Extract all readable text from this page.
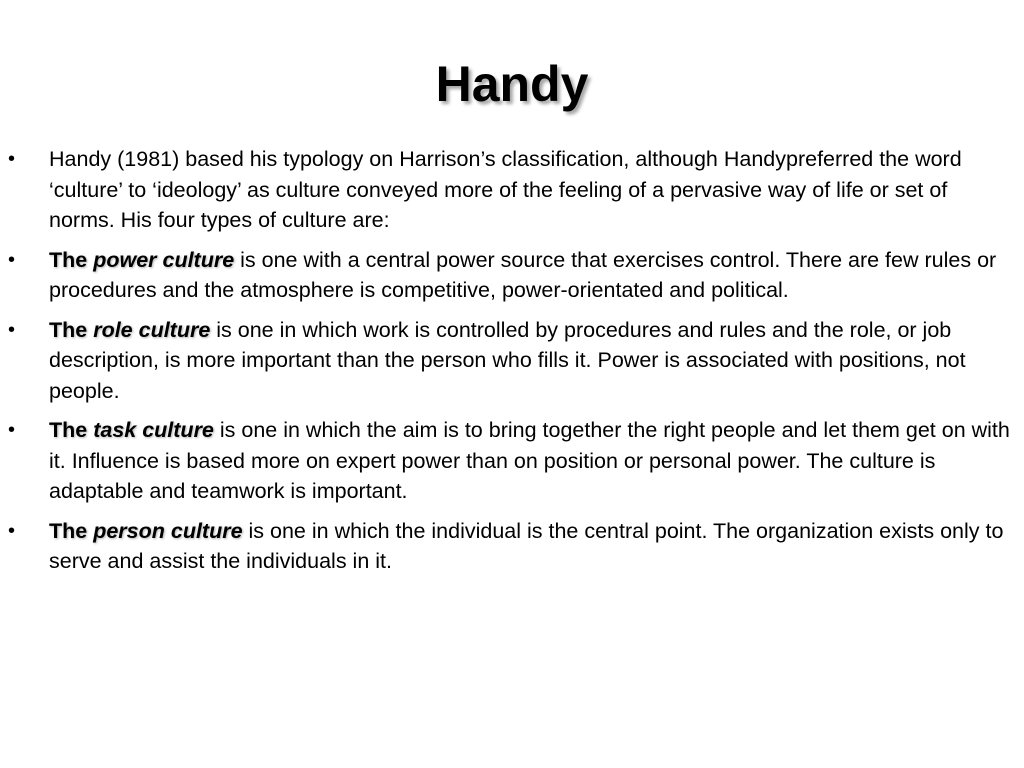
Handy
•	Handy (1981) based his typology on Harrison’s classification, although Handypreferred the word ‘culture’ to ‘ideology’ as culture conveyed more of the feeling of a pervasive way of life or set of norms. His four types of culture are:
•	The power culture is one with a central power source that exercises control. There are few rules or procedures and the atmosphere is competitive, power-orientated and political.
•	The role culture is one in which work is controlled by procedures and rules and the role, or job description, is more important than the person who fills it. Power is associated with positions, not people.
•	The task culture is one in which the aim is to bring together the right people and let them get on with it. Influence is based more on expert power than on position or personal power. The culture is adaptable and teamwork is important.
•	The person culture is one in which the individual is the central point. The organization exists only to serve and assist the individuals in it.
